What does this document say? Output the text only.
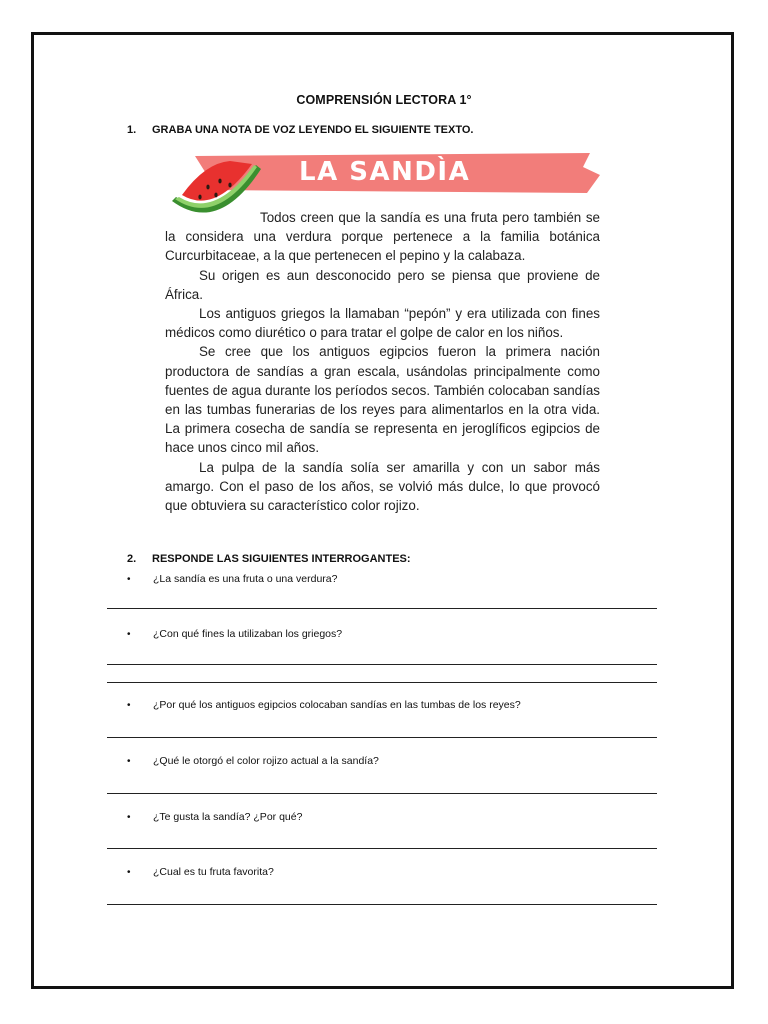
COMPRENSIÓN LECTORA 1°
1. GRABA UNA NOTA DE VOZ LEYENDO EL SIGUIENTE TEXTO.
LA SANDÌA

Todos creen que la sandía es una fruta pero también se la considera una verdura porque pertenece a la familia botánica Curcurbitaceae, a la que pertenecen el pepino y la calabaza.

Su origen es aun desconocido pero se piensa que proviene de África.

Los antiguos griegos la llamaban “pepón” y era utilizada con fines médicos como diurético o para tratar el golpe de calor en los niños.

Se cree que los antiguos egipcios fueron la primera nación productora de sandías a gran escala, usándolas principalmente como fuentes de agua durante los períodos secos. También colocaban sandías en las tumbas funerarias de los reyes para alimentarlos en la otra vida. La primera cosecha de sandía se representa en jeroglíficos egipcios de hace unos cinco mil años.

La pulpa de la sandía solía ser amarilla y con un sabor más amargo. Con el paso de los años, se volvió más dulce, lo que provocó que obtuviera su característico color rojizo.

2. RESPONDE LAS SIGUIENTES INTERROGANTES:
• ¿La sandía es una fruta o una verdura?
• ¿Con qué fines la utilizaban los griegos?
• ¿Por qué los antiguos egipcios colocaban sandías en las tumbas de los reyes?
• ¿Qué le otorgó el color rojizo actual a la sandía?
• ¿Te gusta la sandía? ¿Por qué?
• ¿Cual es tu fruta favorita?
